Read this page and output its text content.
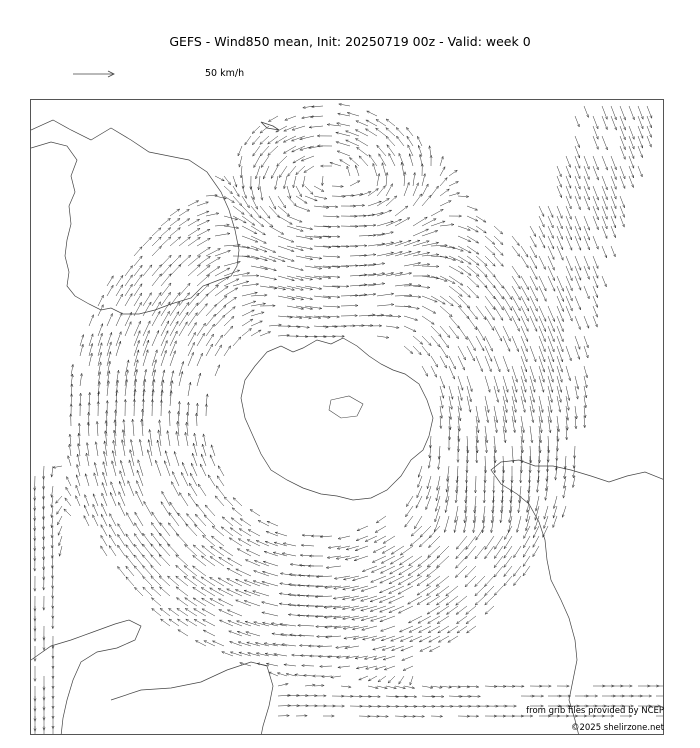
GEFS - Wind850 mean, Init: 20250719 00z - Valid: week 0
50 km/h
from grib files provided by NCEP
©2025 shelirzone.net
